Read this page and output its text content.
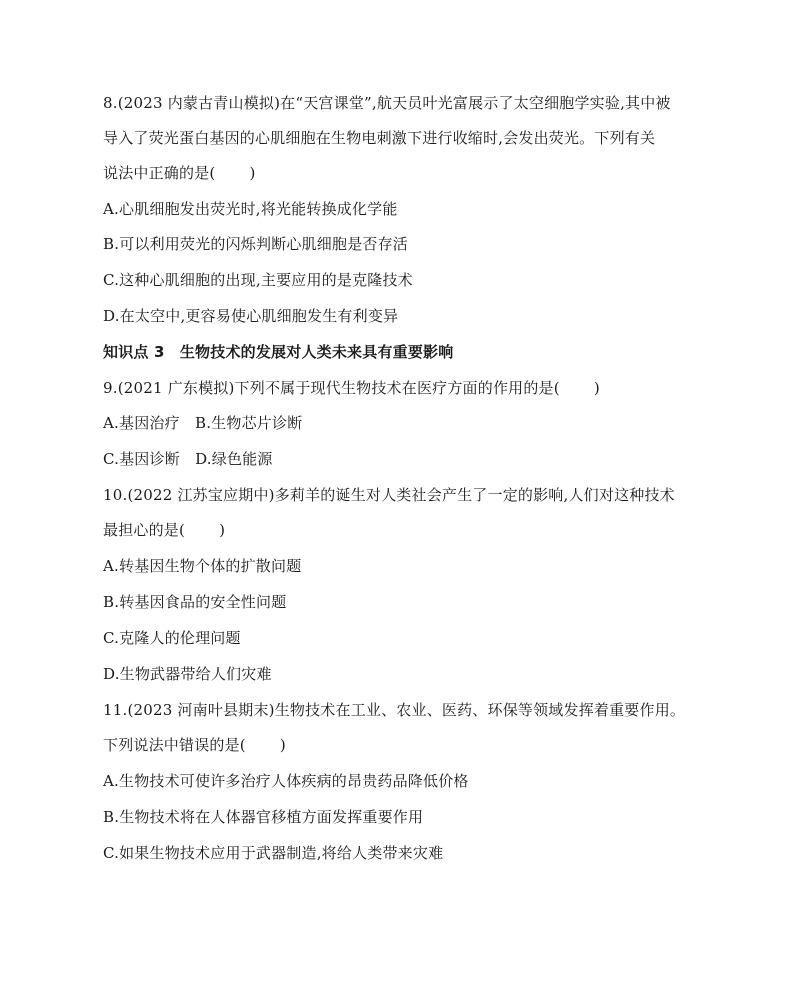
8.(2023 内蒙古青山模拟)在“天宫课堂”,航天员叶光富展示了太空细胞学实验,其中被

导入了荧光蛋白基因的心肌细胞在生物电刺激下进行收缩时,会发出荧光。下列有关

说法中正确的是( )

A.心肌细胞发出荧光时,将光能转换成化学能

B.可以利用荧光的闪烁判断心肌细胞是否存活

C.这种心肌细胞的出现,主要应用的是克隆技术

D.在太空中,更容易使心肌细胞发生有利变异

知识点 3　生物技术的发展对人类未来具有重要影响

9.(2021 广东模拟)下列不属于现代生物技术在医疗方面的作用的是( )

A.基因治疗　B.生物芯片诊断

C.基因诊断　D.绿色能源

10.(2022 江苏宝应期中)多莉羊的诞生对人类社会产生了一定的影响,人们对这种技术

最担心的是( )

A.转基因生物个体的扩散问题

B.转基因食品的安全性问题

C.克隆人的伦理问题

D.生物武器带给人们灾难

11.(2023 河南叶县期末)生物技术在工业、农业、医药、环保等领域发挥着重要作用。

下列说法中错误的是( )

A.生物技术可使许多治疗人体疾病的昂贵药品降低价格

B.生物技术将在人体器官移植方面发挥重要作用

C.如果生物技术应用于武器制造,将给人类带来灾难
